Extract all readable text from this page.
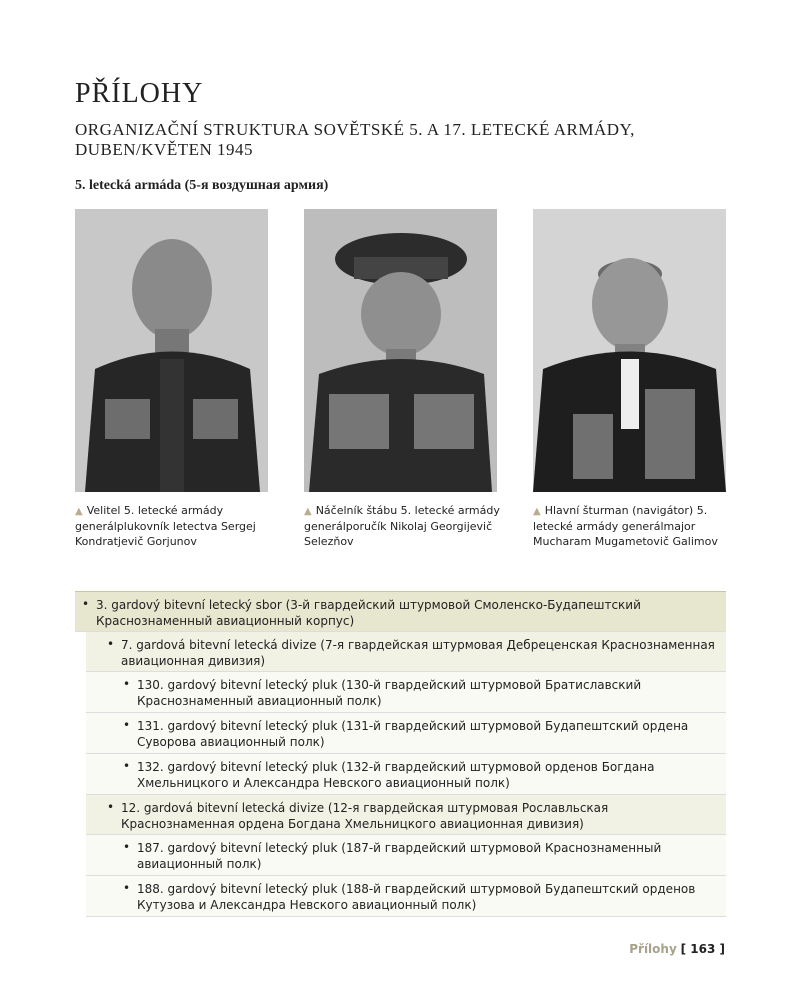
PŘÍLOHY
ORGANIZAČNÍ STRUKTURA SOVĚTSKÉ 5. A 17. LETECKÉ ARMÁDY, DUBEN/KVĚTEN 1945
5. letecká armáda (5-я воздушная армия)

▲ Velitel 5. letecké armády generálplukovník letectva Sergej Kondratjevič Gorjunov

▲ Náčelník štábu 5. letecké armády generálporučík Nikolaj Georgijevič Selezňov

▲ Hlavní šturman (navigátor) 5. letecké armády generálmajor Mucharam Mugametovič Galimov

• 3. gardový bitevní letecký sbor (3-й гвардейский штурмовой Смоленско-Будапештский Краснознаменный авиационный корпус)
• 7. gardová bitevní letecká divize (7-я гвардейская штурмовая Дебреценская Краснознаменная авиационная дивизия)
• 130. gardový bitevní letecký pluk (130-й гвардейский штурмовой Братиславский Краснознаменный авиационный полк)
• 131. gardový bitevní letecký pluk (131-й гвардейский штурмовой Будапештский ордена Суворова авиационный полк)
• 132. gardový bitevní letecký pluk (132-й гвардейский штурмовой орденов Богдана Хмельницкого и Александра Невского авиационный полк)
• 12. gardová bitevní letecká divize (12-я гвардейская штурмовая Рославльская Краснознаменная ордена Богдана Хмельницкого авиационная дивизия)
• 187. gardový bitevní letecký pluk (187-й гвардейский штурмовой Краснознаменный авиационный полк)
• 188. gardový bitevní letecký pluk (188-й гвардейский штурмовой Будапештский орденов Кутузова и Александра Невского авиационный полк)
Přílohy [ 163 ]
